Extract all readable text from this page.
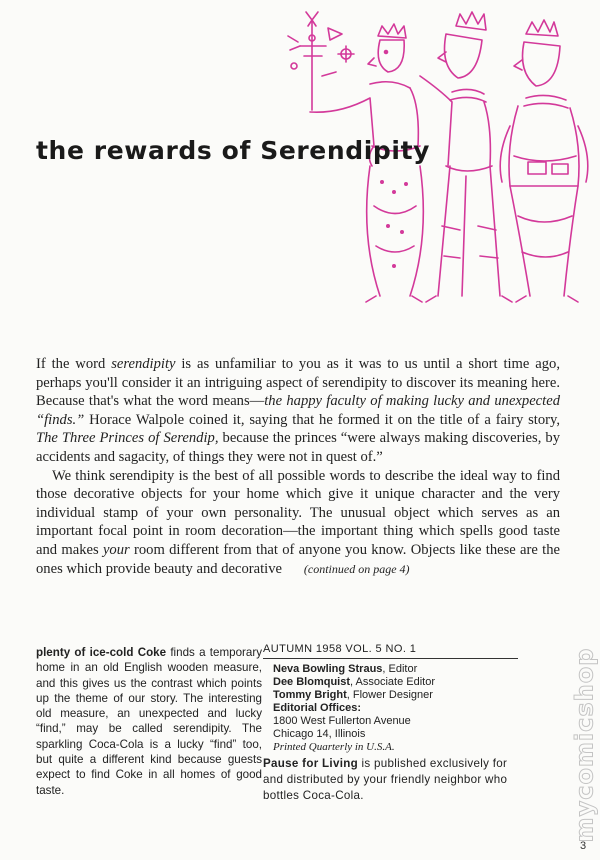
the rewards of Serendipity

If the word serendipity is as unfamiliar to you as it was to us until a short time ago, perhaps you'll consider it an intriguing aspect of serendipity to discover its meaning here. Because that's what the word means—the happy faculty of making lucky and unexpected “finds.” Horace Walpole coined it, saying that he formed it on the title of a fairy story, The Three Princes of Serendip, because the princes “were always making discoveries, by accidents and sagacity, of things they were not in quest of.”

We think serendipity is the best of all possible words to describe the ideal way to find those decorative objects for your home which give it unique character and the very individual stamp of your own personality. The unusual object which serves as an important focal point in room decoration—the important thing which spells good taste and makes your room different from that of anyone you know. Objects like these are the ones which provide beauty and decorative (continued on page 4)

plenty of ice-cold Coke finds a temporary home in an old English wooden measure, and this gives us the contrast which points up the theme of our story. The interesting old measure, an unexpected and lucky “find,” may be called serendipity. The sparkling Coca-Cola is a lucky “find” too, but quite a different kind because guests expect to find Coke in all homes of good taste.
AUTUMN 1958 VOL. 5 NO. 1
Neva Bowling Straus, Editor
Dee Blomquist, Associate Editor
Tommy Bright, Flower Designer
Editorial Offices:
1800 West Fullerton Avenue
Chicago 14, Illinois
Printed Quarterly in U.S.A.
Pause for Living is published exclusively for and distributed by your friendly neighbor who bottles Coca-Cola.	mycomicshop
3
